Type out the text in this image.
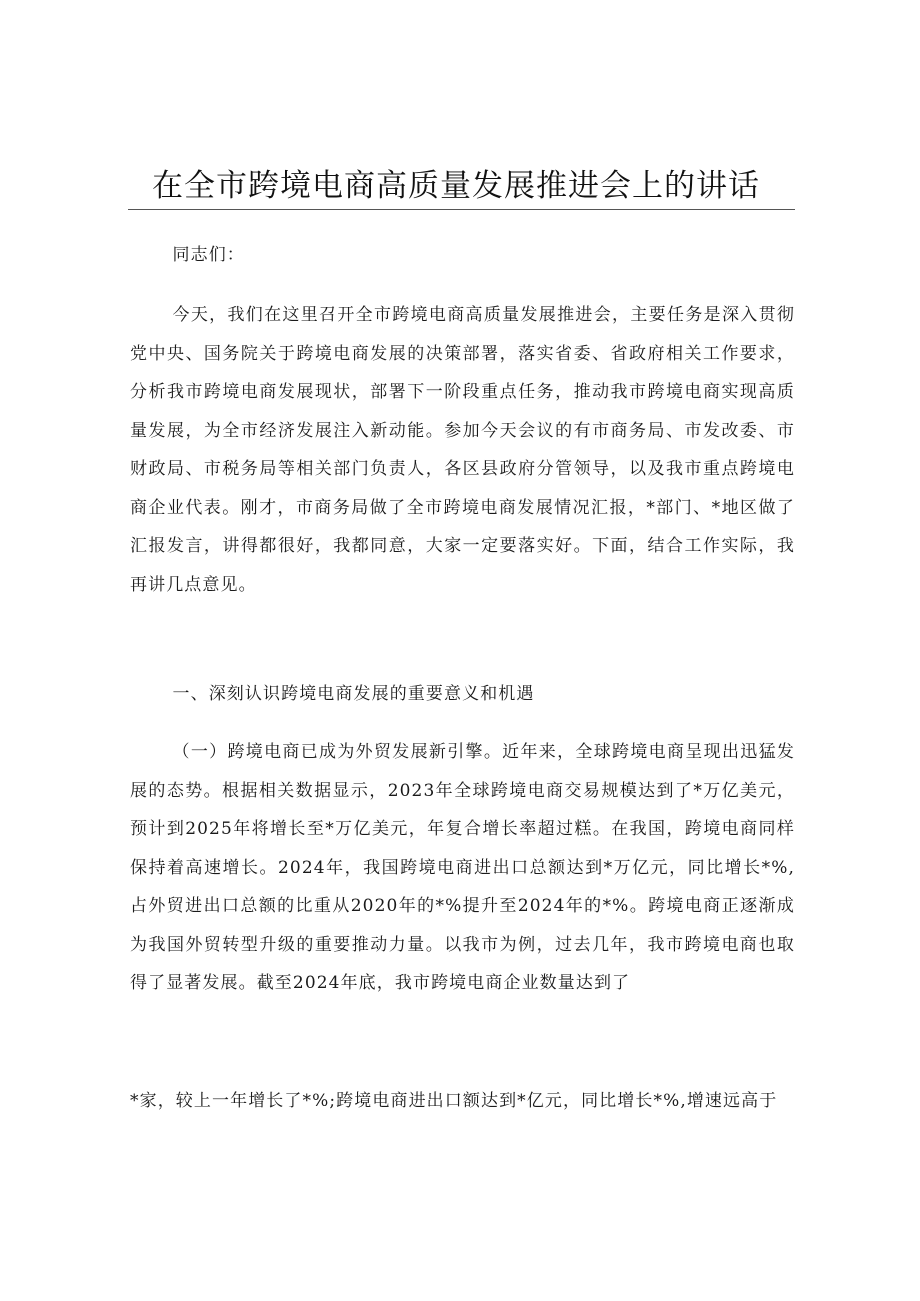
在全市跨境电商高质量发展推进会上的讲话
同志们：
今天，我们在这里召开全市跨境电商高质量发展推进会，主要任务是深入贯彻党中央、国务院关于跨境电商发展的决策部署，落实省委、省政府相关工作要求，分析我市跨境电商发展现状，部署下一阶段重点任务，推动我市跨境电商实现高质量发展，为全市经济发展注入新动能。参加今天会议的有市商务局、市发改委、市财政局、市税务局等相关部门负责人，各区县政府分管领导，以及我市重点跨境电商企业代表。刚才，市商务局做了全市跨境电商发展情况汇报，*部门、*地区做了汇报发言，讲得都很好，我都同意，大家一定要落实好。下面，结合工作实际，我再讲几点意见。
一、深刻认识跨境电商发展的重要意义和机遇
（一）跨境电商已成为外贸发展新引擎。近年来，全球跨境电商呈现出迅猛发展的态势。根据相关数据显示，2023年全球跨境电商交易规模达到了*万亿美元，预计到2025年将增长至*万亿美元，年复合增长率超过糕。在我国，跨境电商同样保持着高速增长。2024年，我国跨境电商进出口总额达到*万亿元，同比增长*%,占外贸进出口总额的比重从2020年的*%提升至2024年的*%。跨境电商正逐渐成为我国外贸转型升级的重要推动力量。以我市为例，过去几年，我市跨境电商也取得了显著发展。截至2024年底，我市跨境电商企业数量达到了
*家，较上一年增长了*%;跨境电商进出口额达到*亿元，同比增长*%,增速远高于
